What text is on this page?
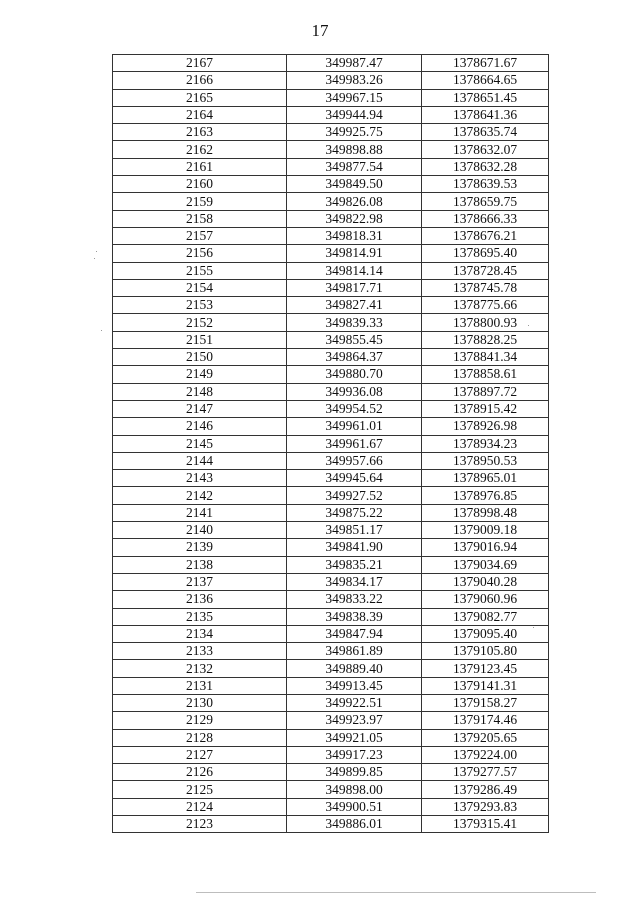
17
2167	349987.47	1378671.67
2166	349983.26	1378664.65
2165	349967.15	1378651.45
2164	349944.94	1378641.36
2163	349925.75	1378635.74
2162	349898.88	1378632.07
2161	349877.54	1378632.28
2160	349849.50	1378639.53
2159	349826.08	1378659.75
2158	349822.98	1378666.33
2157	349818.31	1378676.21
2156	349814.91	1378695.40
2155	349814.14	1378728.45
2154	349817.71	1378745.78
2153	349827.41	1378775.66
2152	349839.33	1378800.93
2151	349855.45	1378828.25
2150	349864.37	1378841.34
2149	349880.70	1378858.61
2148	349936.08	1378897.72
2147	349954.52	1378915.42
2146	349961.01	1378926.98
2145	349961.67	1378934.23
2144	349957.66	1378950.53
2143	349945.64	1378965.01
2142	349927.52	1378976.85
2141	349875.22	1378998.48
2140	349851.17	1379009.18
2139	349841.90	1379016.94
2138	349835.21	1379034.69
2137	349834.17	1379040.28
2136	349833.22	1379060.96
2135	349838.39	1379082.77
2134	349847.94	1379095.40
2133	349861.89	1379105.80
2132	349889.40	1379123.45
2131	349913.45	1379141.31
2130	349922.51	1379158.27
2129	349923.97	1379174.46
2128	349921.05	1379205.65
2127	349917.23	1379224.00
2126	349899.85	1379277.57
2125	349898.00	1379286.49
2124	349900.51	1379293.83
2123	349886.01	1379315.41
